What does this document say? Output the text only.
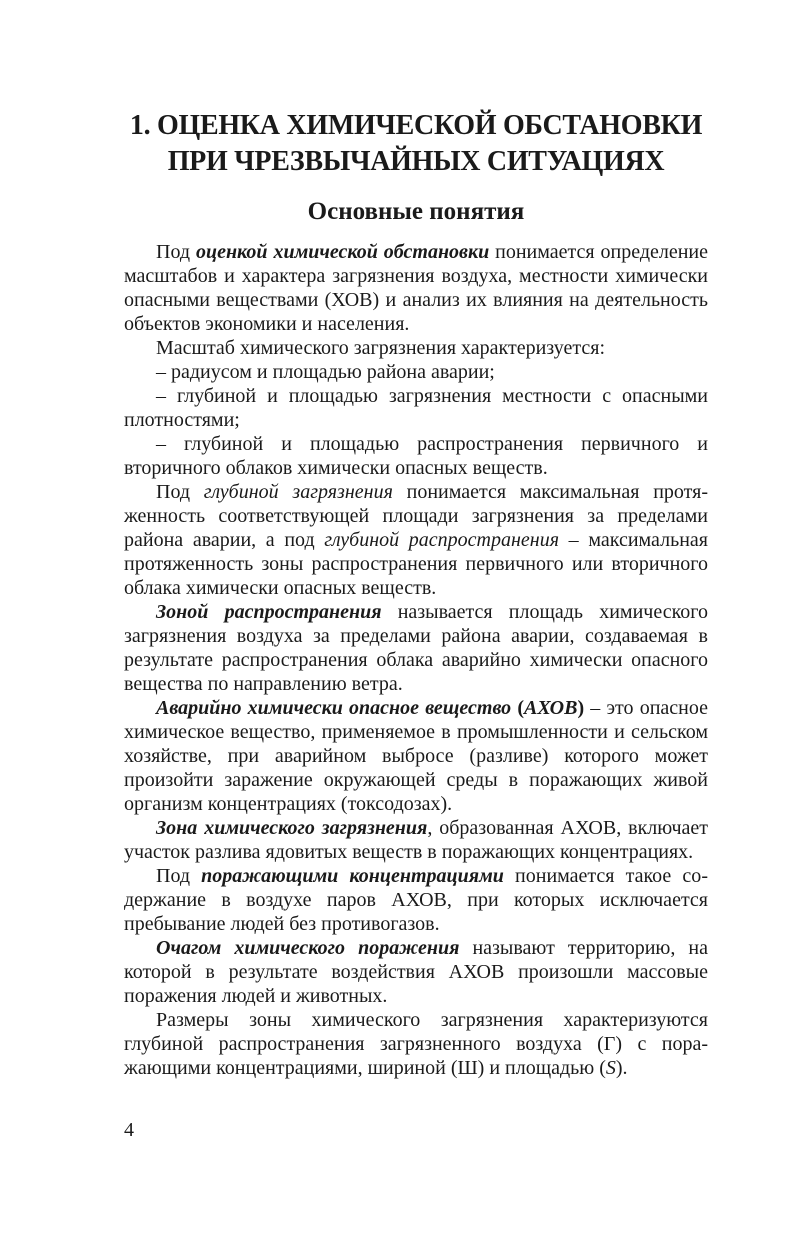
1. ОЦЕНКА ХИМИЧЕСКОЙ ОБСТАНОВКИ
ПРИ ЧРЕЗВЫЧАЙНЫХ СИТУАЦИЯХ
Основные понятия

Под оценкой химической обстановки понимается определение масштабов и характера загрязнения воздуха, местности химически опасными веществами (ХОВ) и анализ их влияния на деятельность объектов экономики и населения.

Масштаб химического загрязнения характеризуется:

– радиусом и площадью района аварии;

– глубиной и площадью загрязнения местности с опасными плотностями;

– глубиной и площадью распространения первичного и вторичного облаков химически опасных веществ.

Под глубиной загрязнения понимается максимальная протяженность соответствующей площади загрязнения за пределами района аварии, а под глубиной распространения – максимальная протяженность зоны распространения первичного или вторичного облака химически опасных веществ.

Зоной распространения называется площадь химического загрязнения воздуха за пределами района аварии, создаваемая в результате распространения облака аварийно химически опасного вещества по направлению ветра.

Аварийно химически опасное вещество (АХОВ) – это опасное химическое вещество, применяемое в промышленности и сельском хозяйстве, при аварийном выбросе (разливе) которого может произойти заражение окружающей среды в поражающих живой организм концентрациях (токсодозах).

Зона химического загрязнения, образованная АХОВ, включает участок разлива ядовитых веществ в поражающих концентрациях.

Под поражающими концентрациями понимается такое содержание в воздухе паров АХОВ, при которых исключается пребывание людей без противогазов.

Очагом химического поражения называют территорию, на которой в результате воздействия АХОВ произошли массовые поражения людей и животных.

Размеры зоны химического загрязнения характеризуются глубиной распространения загрязненного воздуха (Г) с поражающими концентрациями, шириной (Ш) и площадью (S).

4
